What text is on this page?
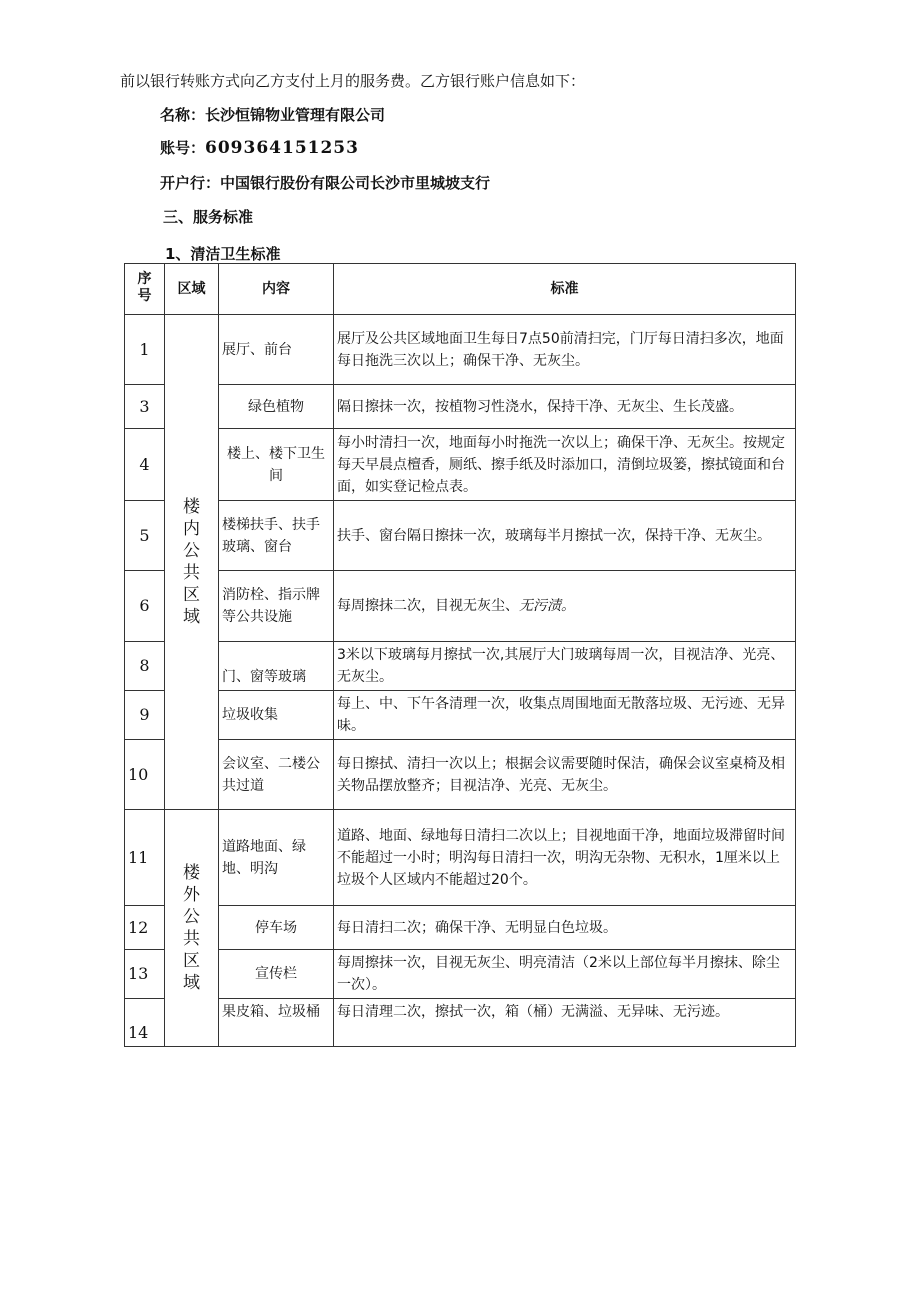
前以银行转账方式向乙方支付上月的服务费。乙方银行账户信息如下：
名称：长沙恒锦物业管理有限公司
账号：609364151253
开户行：中国银行股份有限公司长沙市里城坡支行
三、服务标准
1、清洁卫生标准
序号	区域	内容	标准
1	楼内公共区域	展厅、前台	展厅及公共区域地面卫生每日7点50前清扫完，门厅每日清扫多次，地面每日拖洗三次以上；确保干净、无灰尘。
3		绿色植物	隔日擦抹一次，按植物习性浇水，保持干净、无灰尘、生长茂盛。
4		楼上、楼下卫生间	每小时清扫一次，地面每小时拖洗一次以上；确保干净、无灰尘。按规定每天早晨点檀香，厕纸、擦手纸及时添加口，清倒垃圾篓，擦拭镜面和台面，如实登记检点表。
5		楼梯扶手、扶手玻璃、窗台	扶手、窗台隔日擦抹一次，玻璃每半月擦拭一次，保持干净、无灰尘。
6		消防栓、指示牌等公共设施	每周擦抹二次，目视无灰尘、无污渍。
8		门、窗等玻璃	3米以下玻璃每月擦拭一次,其展厅大门玻璃每周一次，目视洁净、光亮、无灰尘。
9		垃圾收集	每上、中、下午各清理一次，收集点周围地面无散落垃圾、无污迹、无异味。
10		会议室、二楼公共过道	每日擦拭、清扫一次以上；根据会议需要随时保洁，确保会议室桌椅及相关物品摆放整齐；目视洁净、光亮、无灰尘。
11	楼外公共区域	道路地面、绿地、明沟	道路、地面、绿地每日清扫二次以上；目视地面干净，地面垃圾滞留时间不能超过一小时；明沟每日清扫一次，明沟无杂物、无积水，1厘米以上垃圾个人区域内不能超过20个。
12		停车场	每日清扫二次；确保干净、无明显白色垃圾。
13		宣传栏	每周擦抹一次，目视无灰尘、明亮清洁（2米以上部位每半月擦抹、除尘一次）。
14		果皮箱、垃圾桶	每日清理二次，擦拭一次，箱（桶）无满溢、无异味、无污迹。
